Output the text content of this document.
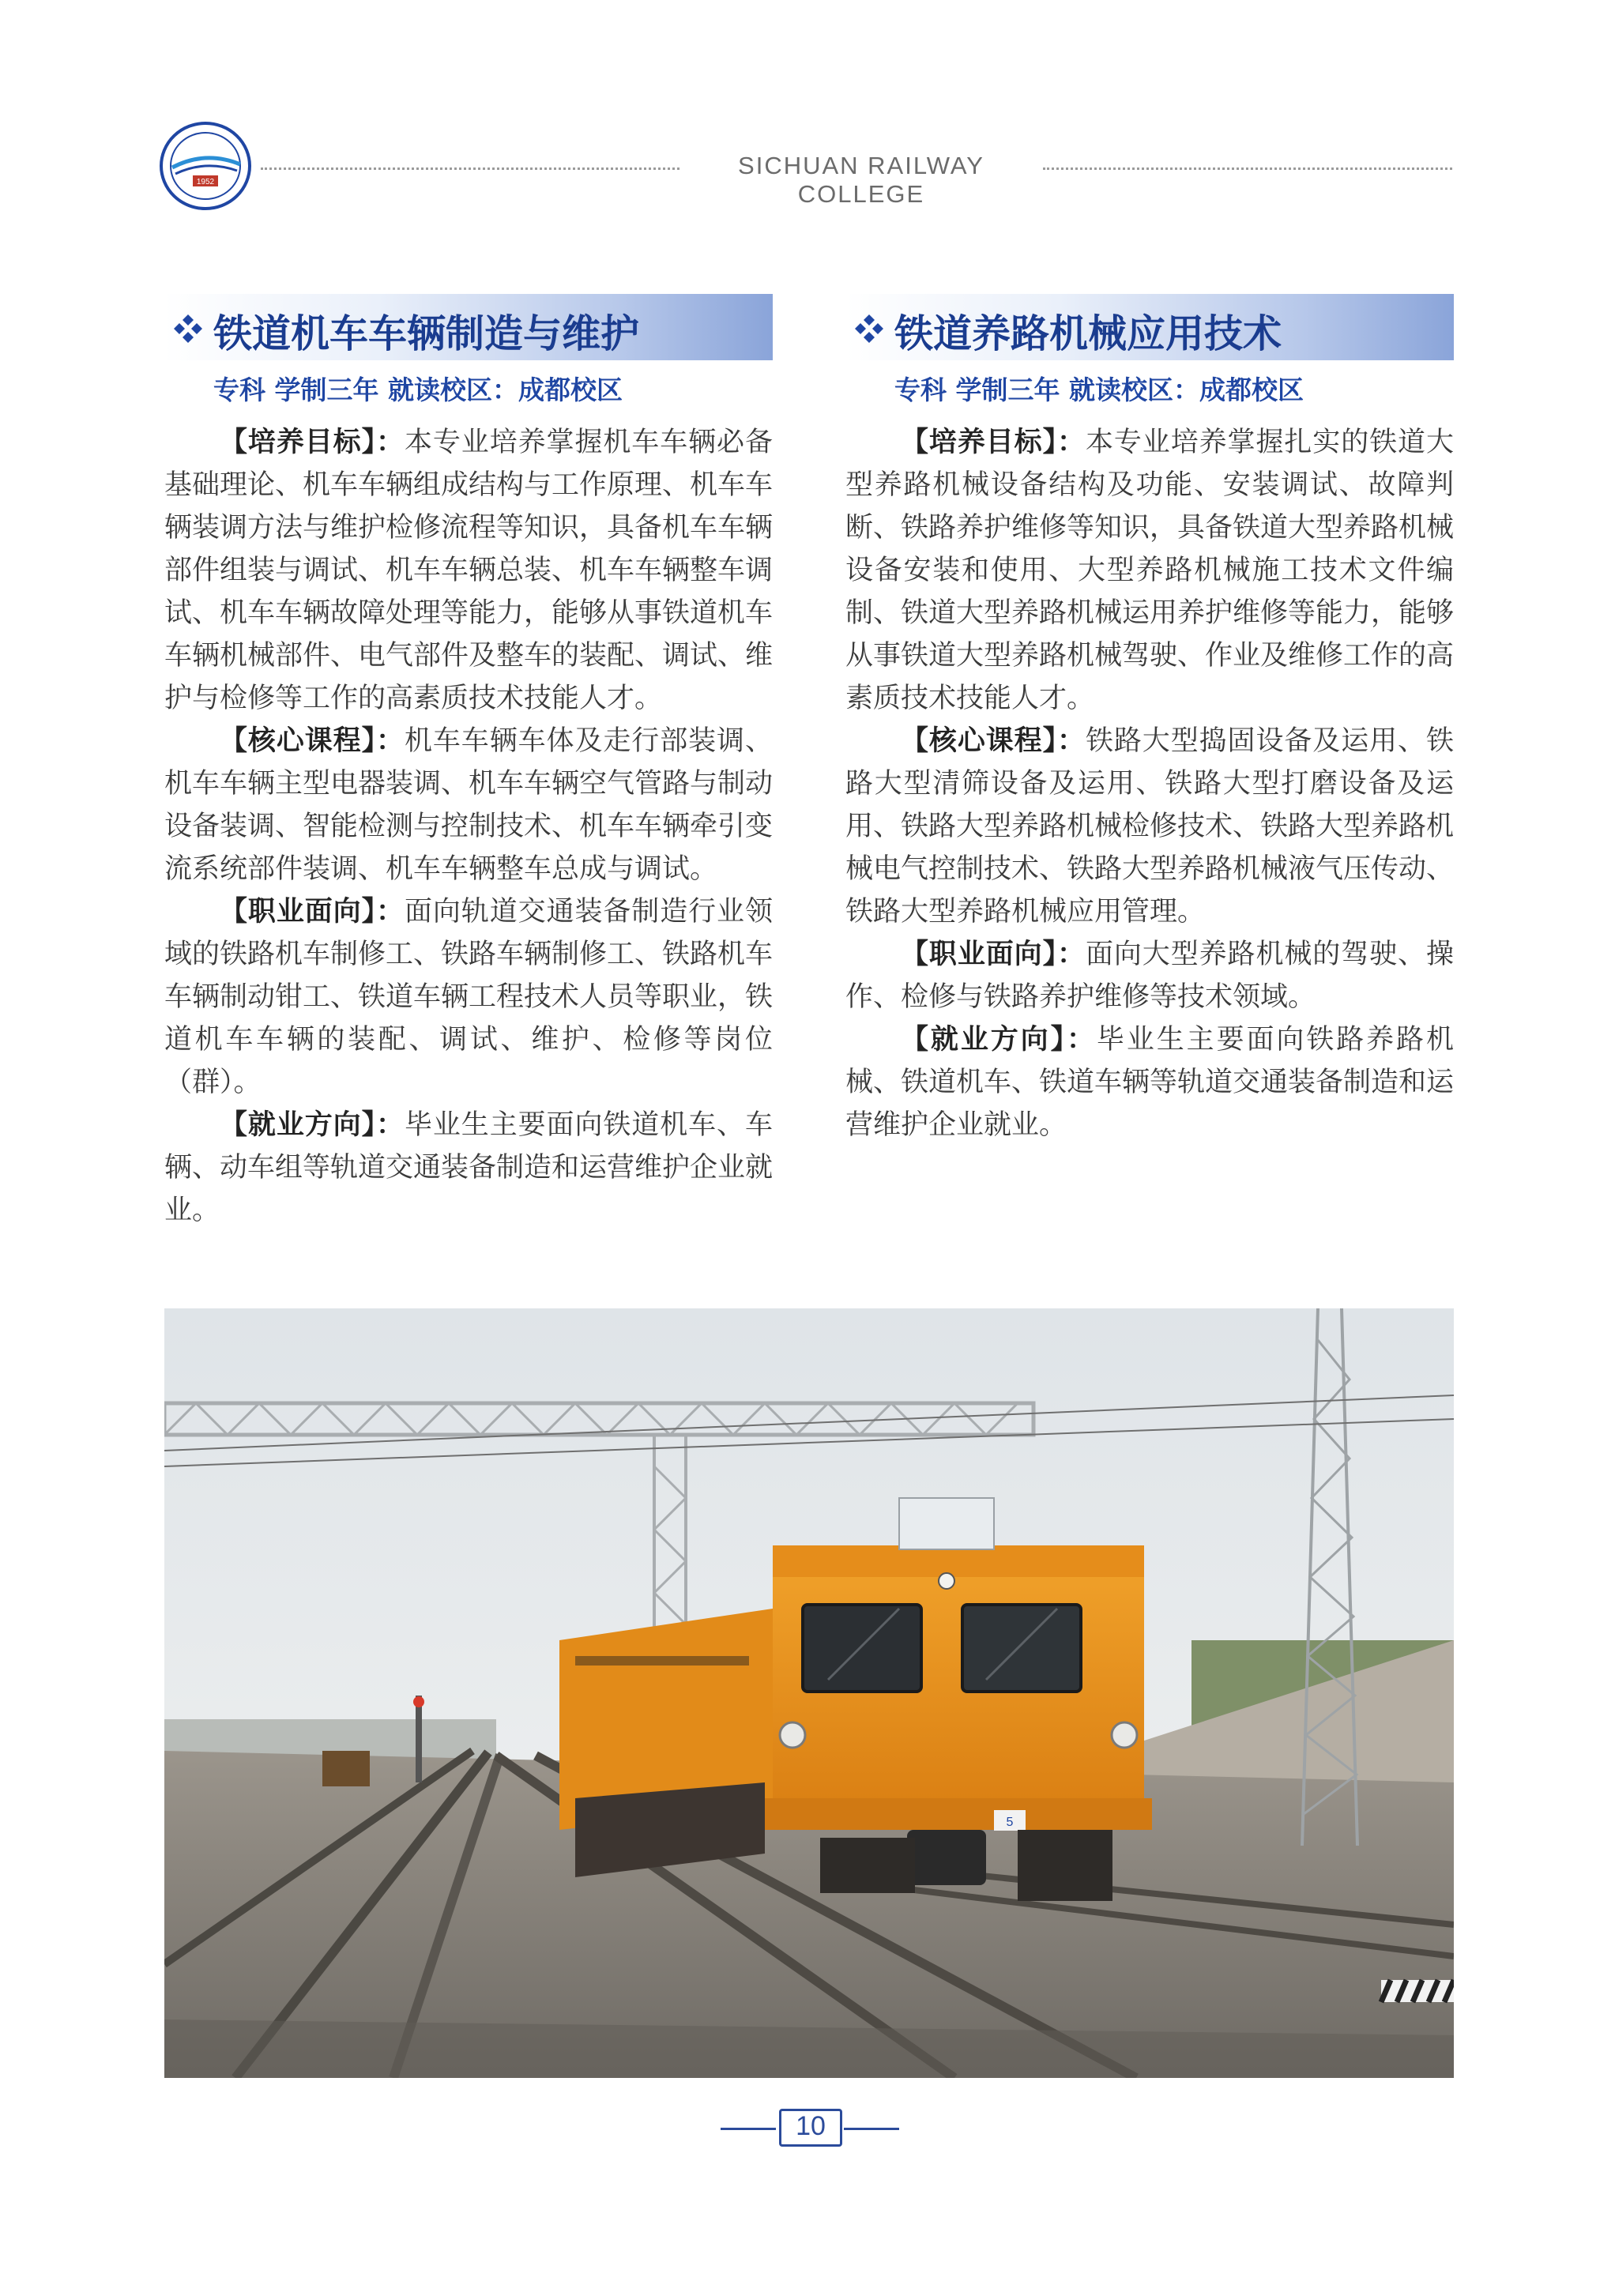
1952
SICHUAN RAILWAY COLLEGE
铁道机车车辆制造与维护
专科 学制三年 就读校区：成都校区

【培养目标】：本专业培养掌握机车车辆必备基础理论、机车车辆组成结构与工作原理、机车车辆装调方法与维护检修流程等知识，具备机车车辆部件组装与调试、机车车辆总装、机车车辆整车调试、机车车辆故障处理等能力，能够从事铁道机车车辆机械部件、电气部件及整车的装配、调试、维护与检修等工作的高素质技术技能人才。

【核心课程】：机车车辆车体及走行部装调、机车车辆主型电器装调、机车车辆空气管路与制动设备装调、智能检测与控制技术、机车车辆牵引变流系统部件装调、机车车辆整车总成与调试。

【职业面向】：面向轨道交通装备制造行业领域的铁路机车制修工、铁路车辆制修工、铁路机车车辆制动钳工、铁道车辆工程技术人员等职业，铁道机车车辆的装配、调试、维护、检修等岗位（群）。

【就业方向】：毕业生主要面向铁道机车、车辆、动车组等轨道交通装备制造和运营维护企业就业。

铁道养路机械应用技术
专科 学制三年 就读校区：成都校区

【培养目标】：本专业培养掌握扎实的铁道大型养路机械设备结构及功能、安装调试、故障判断、铁路养护维修等知识，具备铁道大型养路机械设备安装和使用、大型养路机械施工技术文件编制、铁道大型养路机械运用养护维修等能力，能够从事铁道大型养路机械驾驶、作业及维修工作的高素质技术技能人才。

【核心课程】：铁路大型捣固设备及运用、铁路大型清筛设备及运用、铁路大型打磨设备及运用、铁路大型养路机械检修技术、铁路大型养路机械电气控制技术、铁路大型养路机械液气压传动、铁路大型养路机械应用管理。

【职业面向】：面向大型养路机械的驾驶、操作、检修与铁路养护维修等技术领域。

【就业方向】：毕业生主要面向铁路养路机械、铁道机车、铁道车辆等轨道交通装备制造和运营维护企业就业。

5
10
